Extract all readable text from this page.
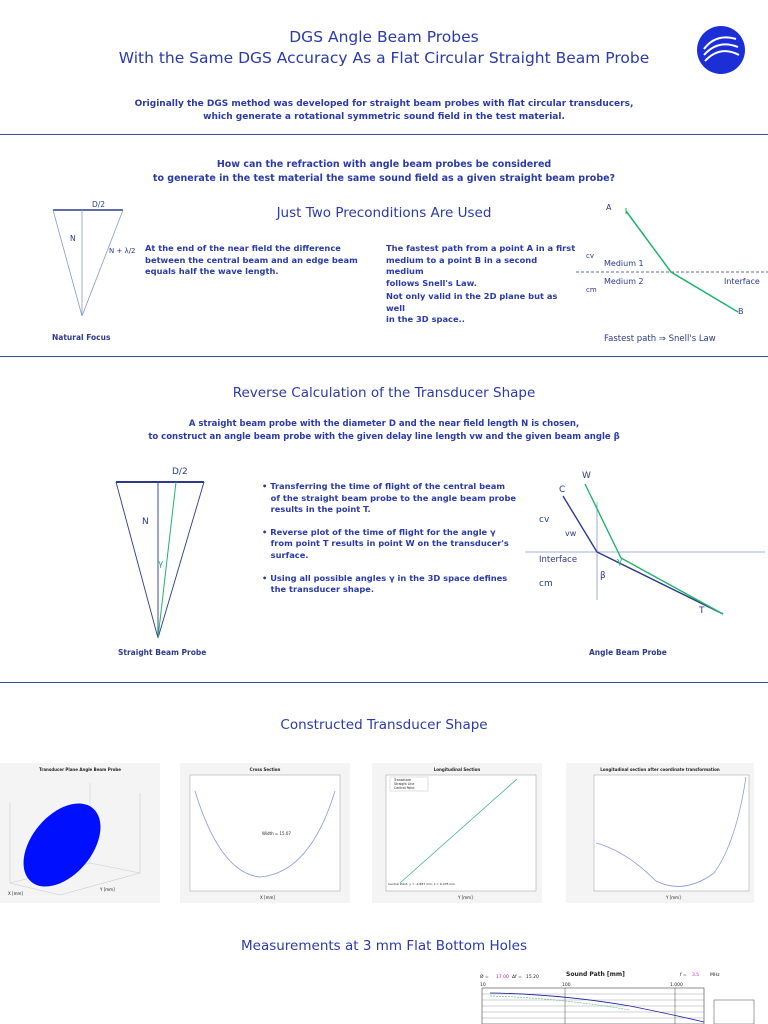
DGS Angle Beam Probes
With the Same DGS Accuracy As a Flat Circular Straight Beam Probe
Originally the DGS method was developed for straight beam probes with flat circular transducers,
which generate a rotational symmetric sound field in the test material.
How can the refraction with angle beam probes be considered
to generate in the test material the same sound field as a given straight beam probe?
Just Two Preconditions Are Used
D/2
N
N + λ/2
Natural Focus
At the end of the near field the difference
between the central beam and an edge beam
equals half the wave length.
The fastest path from a point A in a first
medium to a point B in a second medium
follows Snell's Law.
Not only valid in the 2D plane but as well
in the 3D space..
A
cv
Medium 1
Medium 2
cm
Interface
B
Fastest path ⇒ Snell's Law
Reverse Calculation of the Transducer Shape
A straight beam probe with the diameter D and the near field length N is chosen,
to construct an angle beam probe with the given delay line length vw and the given beam angle β
D/2
N
γ
Straight Beam Probe
• Transferring the time of flight of the central beam
of the straight beam probe to the angle beam probe
results in the point T.
• Reverse plot of the time of flight for the angle γ
from point T results in point W on the transducer's
surface.
• Using all possible angles γ in the 3D space defines
the transducer shape.
W
C
cv
vw
Interface
cm
γ
β
T
Angle Beam Probe
Constructed Transducer Shape
Transducer Plane Angle Beam Probe
X [mm]
Y [mm]
Cross Section
Width = 15.07
X [mm]
Longitudinal Section
Transducer
Straight Line
Central Point
Central Point: y = -4.887 mm, z = 6.478 mm
Y [mm]
Longitudinal section after coordinate transformation
Y [mm]
Measurements at 3 mm Flat Bottom Holes
Ø = 17.00 Δf = 15.20	Sound Path [mm]	f = 3.5 MHz
10	100	1.000
